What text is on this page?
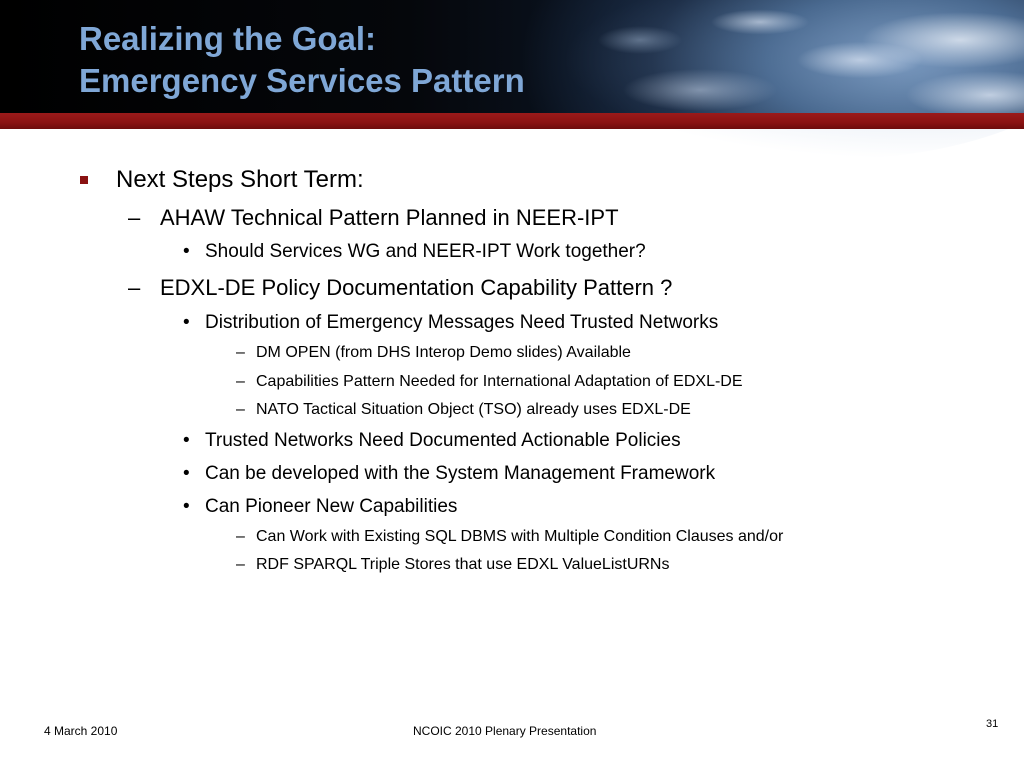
Realizing the Goal:
Emergency Services Pattern
Next Steps Short Term:
– AHAW Technical Pattern Planned in NEER-IPT
• Should Services WG and NEER-IPT Work together?
– EDXL-DE Policy Documentation Capability Pattern ?
• Distribution of Emergency Messages Need Trusted Networks
– DM OPEN (from DHS Interop Demo slides) Available
– Capabilities Pattern Needed for International Adaptation of EDXL-DE
– NATO Tactical Situation Object (TSO) already uses EDXL-DE
• Trusted Networks Need Documented Actionable Policies
• Can be developed with the System Management Framework
• Can Pioneer New Capabilities
– Can Work with Existing SQL DBMS with Multiple Condition Clauses and/or
– RDF SPARQL Triple Stores that use EDXL ValueListURNs
4 March 2010	NCOIC 2010 Plenary Presentation	31
